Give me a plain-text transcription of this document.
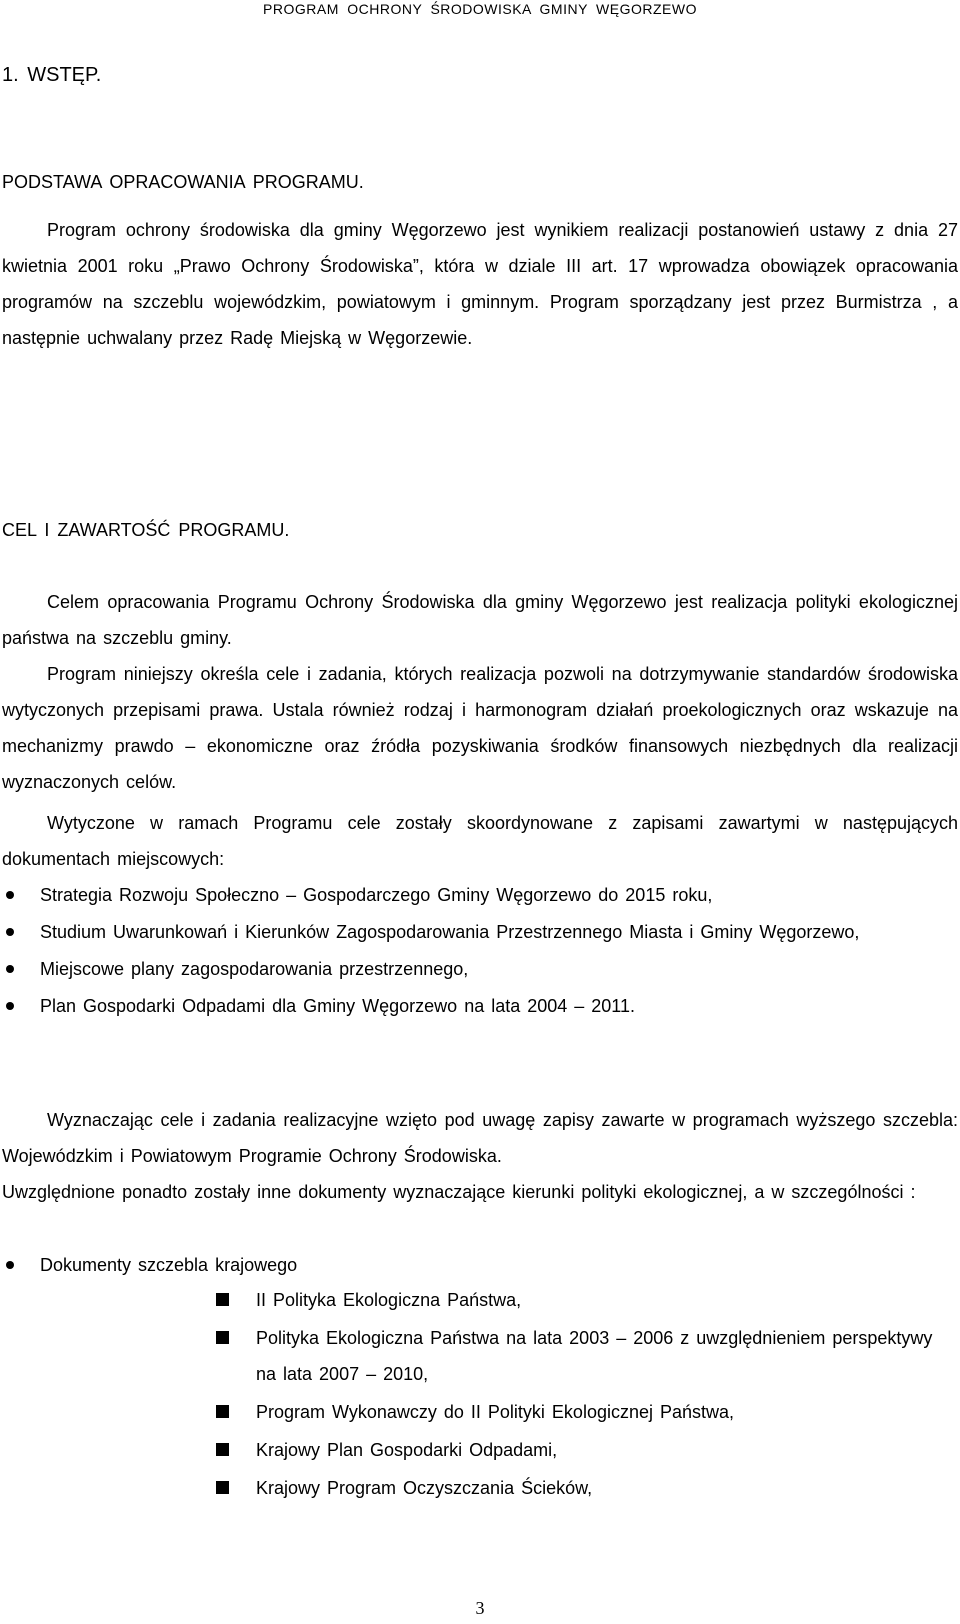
PROGRAM OCHRONY ŚRODOWISKA GMINY WĘGORZEWO
1. WSTĘP.
PODSTAWA OPRACOWANIA PROGRAMU.

Program ochrony środowiska dla gminy Węgorzewo jest wynikiem realizacji postanowień ustawy z dnia 27 kwietnia 2001 roku „Prawo Ochrony Środowiska”, która w dziale III art. 17 wprowadza obowiązek opracowania programów na szczeblu wojewódzkim, powiatowym i gminnym. Program sporządzany jest przez Burmistrza , a następnie uchwalany przez Radę Miejską w Węgorzewie.

CEL I ZAWARTOŚĆ PROGRAMU.

Celem opracowania Programu Ochrony Środowiska dla gminy Węgorzewo jest realizacja polityki ekologicznej państwa na szczeblu gminy.

Program niniejszy określa cele i zadania, których realizacja pozwoli na dotrzymywanie standardów środowiska wytyczonych przepisami prawa. Ustala również rodzaj i harmonogram działań proekologicznych oraz wskazuje na mechanizmy prawdo – ekonomiczne oraz źródła pozyskiwania środków finansowych niezbędnych dla realizacji wyznaczonych celów.

Wytyczone w ramach Programu cele zostały skoordynowane z zapisami zawartymi w następujących dokumentach miejscowych:

Strategia Rozwoju Społeczno – Gospodarczego Gminy Węgorzewo do 2015 roku,
Studium Uwarunkowań i Kierunków Zagospodarowania Przestrzennego Miasta i Gminy Węgorzewo,
Miejscowe plany zagospodarowania przestrzennego,
Plan Gospodarki Odpadami dla Gminy Węgorzewo na lata 2004 – 2011.

Wyznaczając cele i zadania realizacyjne wzięto pod uwagę zapisy zawarte w programach wyższego szczebla: Wojewódzkim i Powiatowym Programie Ochrony Środowiska.

Uwzględnione ponadto zostały inne dokumenty wyznaczające kierunki polityki ekologicznej, a w szczególności :

Dokumenty szczebla krajowego
II Polityka Ekologiczna Państwa,
Polityka Ekologiczna Państwa na lata 2003 – 2006 z uwzględnieniem perspektywy na lata 2007 – 2010,
Program Wykonawczy do II Polityki Ekologicznej Państwa,
Krajowy Plan Gospodarki Odpadami,
Krajowy Program Oczyszczania Ścieków,
3
